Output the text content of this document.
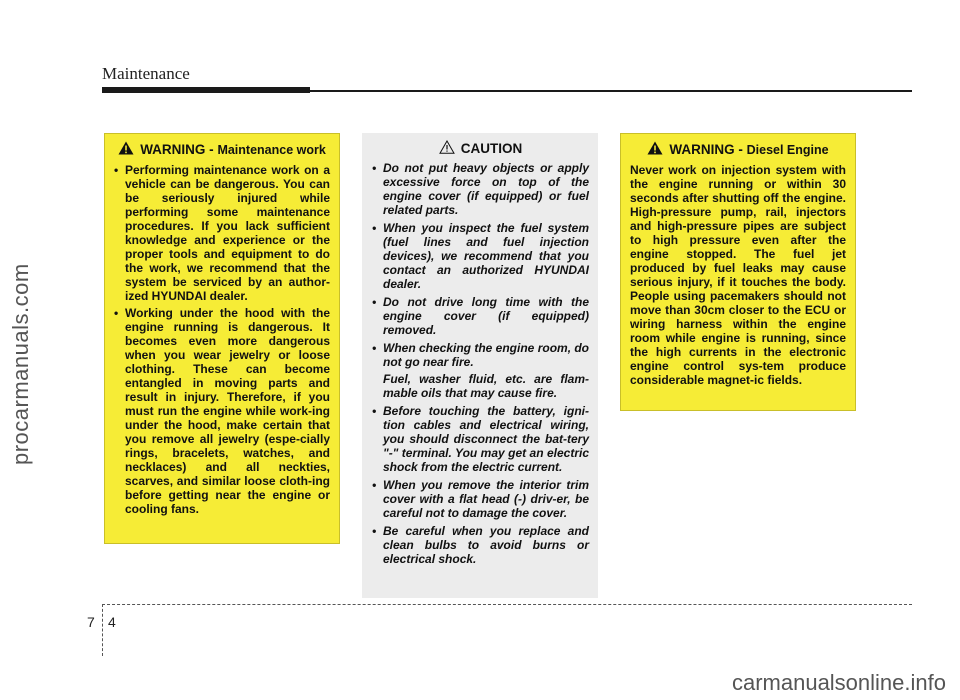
Maintenance
procarmanuals.com
carmanualsonline.info
WARNING - Maintenance work
• Performing maintenance work on a vehicle can be dangerous. You can be seriously injured while performing some maintenance procedures. If you lack sufficient knowledge and experience or the proper tools and equipment to do the work, we recommend that the system be serviced by an author-ized HYUNDAI dealer.
• Working under the hood with the engine running is dangerous. It becomes even more dangerous when you wear jewelry or loose clothing. These can become entangled in moving parts and result in injury. Therefore, if you must run the engine while work-ing under the hood, make certain that you remove all jewelry (espe-cially rings, bracelets, watches, and necklaces) and all neckties, scarves, and similar loose cloth-ing before getting near the engine or cooling fans.
CAUTION
• Do not put heavy objects or apply excessive force on top of the engine cover (if equipped) or fuel related parts.
• When you inspect the fuel system (fuel lines and fuel injection devices), we recommend that you contact an authorized HYUNDAI dealer.
• Do not drive long time with the engine cover (if equipped) removed.
• When checking the engine room, do not go near fire.
Fuel, washer fluid, etc. are flam-mable oils that may cause fire.
• Before touching the battery, igni-tion cables and electrical wiring, you should disconnect the bat-tery "-" terminal. You may get an electric shock from the electric current.
• When you remove the interior trim cover with a flat head (-) driv-er, be careful not to damage the cover.
• Be careful when you replace and clean bulbs to avoid burns or electrical shock.
WARNING - Diesel Engine
Never work on injection system with the engine running or within 30 seconds after shutting off the engine. High-pressure pump, rail, injectors and high-pressure pipes are subject to high pressure even after the engine stopped. The fuel jet produced by fuel leaks may cause serious injury, if it touches the body. People using pacemakers should not move than 30cm closer to the ECU or wiring harness within the engine room while engine is running, since the high currents in the electronic engine control sys-tem produce considerable magnet-ic fields.
7 4
